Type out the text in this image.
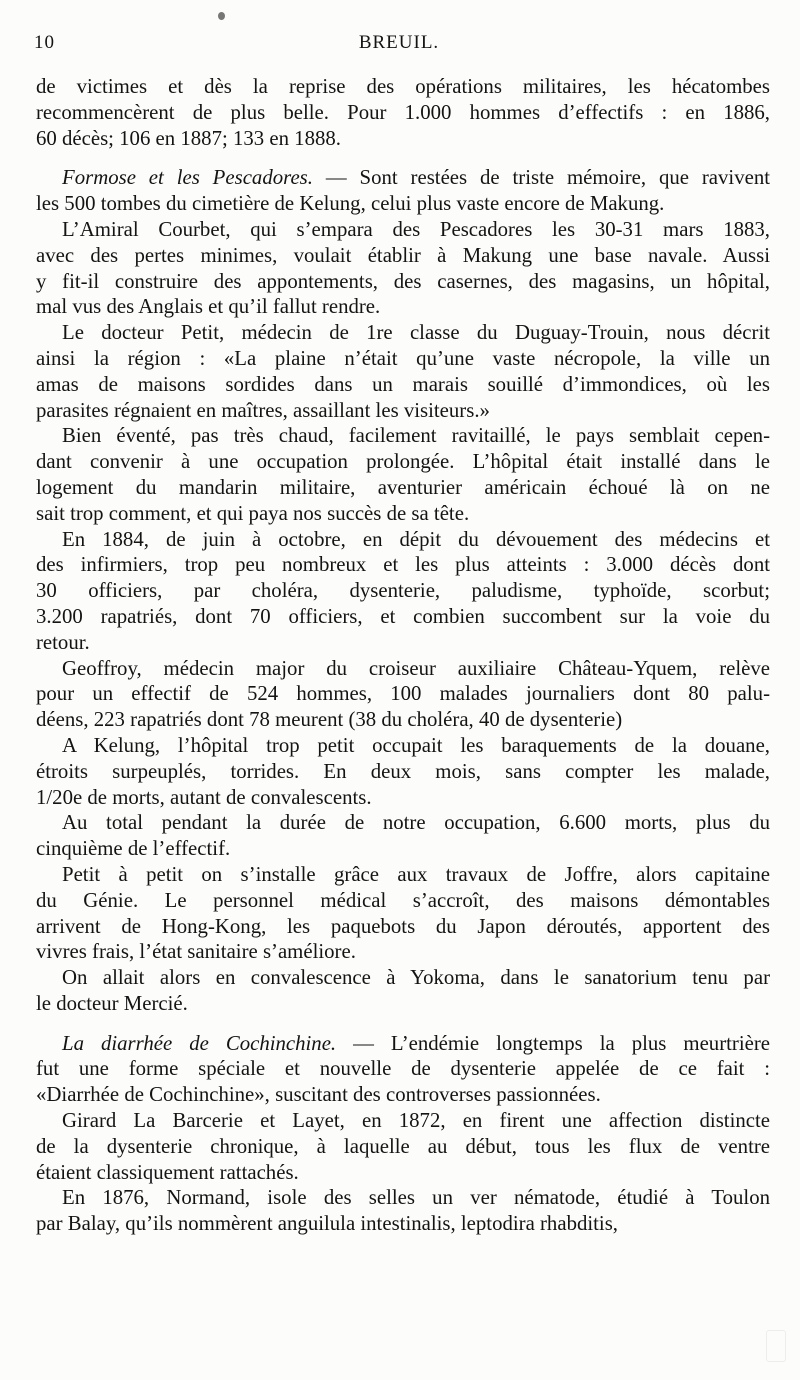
10	BREUIL.
de victimes et dès la reprise des opérations militaires, les hécatombes
recommencèrent de plus belle. Pour 1.000 hommes d’effectifs : en 1886,
60 décès; 106 en 1887; 133 en 1888.
Formose et les Pescadores. — Sont restées de triste mémoire, que ravivent
les 500 tombes du cimetière de Kelung, celui plus vaste encore de Makung.
L’Amiral Courbet, qui s’empara des Pescadores les 30-31 mars 1883,
avec des pertes minimes, voulait établir à Makung une base navale. Aussi
y fit-il construire des appontements, des casernes, des magasins, un hôpital,
mal vus des Anglais et qu’il fallut rendre.
Le docteur Petit, médecin de 1re classe du Duguay-Trouin, nous décrit
ainsi la région : «La plaine n’était qu’une vaste nécropole, la ville un
amas de maisons sordides dans un marais souillé d’immondices, où les
parasites régnaient en maîtres, assaillant les visiteurs.»
Bien éventé, pas très chaud, facilement ravitaillé, le pays semblait cepen-
dant convenir à une occupation prolongée. L’hôpital était installé dans le
logement du mandarin militaire, aventurier américain échoué là on ne
sait trop comment, et qui paya nos succès de sa tête.
En 1884, de juin à octobre, en dépit du dévouement des médecins et
des infirmiers, trop peu nombreux et les plus atteints : 3.000 décès dont
30 officiers, par choléra, dysenterie, paludisme, typhoïde, scorbut;
3.200 rapatriés, dont 70 officiers, et combien succombent sur la voie du
retour.
Geoffroy, médecin major du croiseur auxiliaire Château-Yquem, relève
pour un effectif de 524 hommes, 100 malades journaliers dont 80 palu-
déens, 223 rapatriés dont 78 meurent (38 du choléra, 40 de dysenterie)
A Kelung, l’hôpital trop petit occupait les baraquements de la douane,
étroits surpeuplés, torrides. En deux mois, sans compter les malade,
1/20e de morts, autant de convalescents.
Au total pendant la durée de notre occupation, 6.600 morts, plus du
cinquième de l’effectif.
Petit à petit on s’installe grâce aux travaux de Joffre, alors capitaine
du Génie. Le personnel médical s’accroît, des maisons démontables
arrivent de Hong-Kong, les paquebots du Japon déroutés, apportent des
vivres frais, l’état sanitaire s’améliore.
On allait alors en convalescence à Yokoma, dans le sanatorium tenu par
le docteur Mercié.
La diarrhée de Cochinchine. — L’endémie longtemps la plus meurtrière
fut une forme spéciale et nouvelle de dysenterie appelée de ce fait :
«Diarrhée de Cochinchine», suscitant des controverses passionnées.
Girard La Barcerie et Layet, en 1872, en firent une affection distincte
de la dysenterie chronique, à laquelle au début, tous les flux de ventre
étaient classiquement rattachés.
En 1876, Normand, isole des selles un ver nématode, étudié à Toulon
par Balay, qu’ils nommèrent anguilula intestinalis, leptodira rhabditis,
